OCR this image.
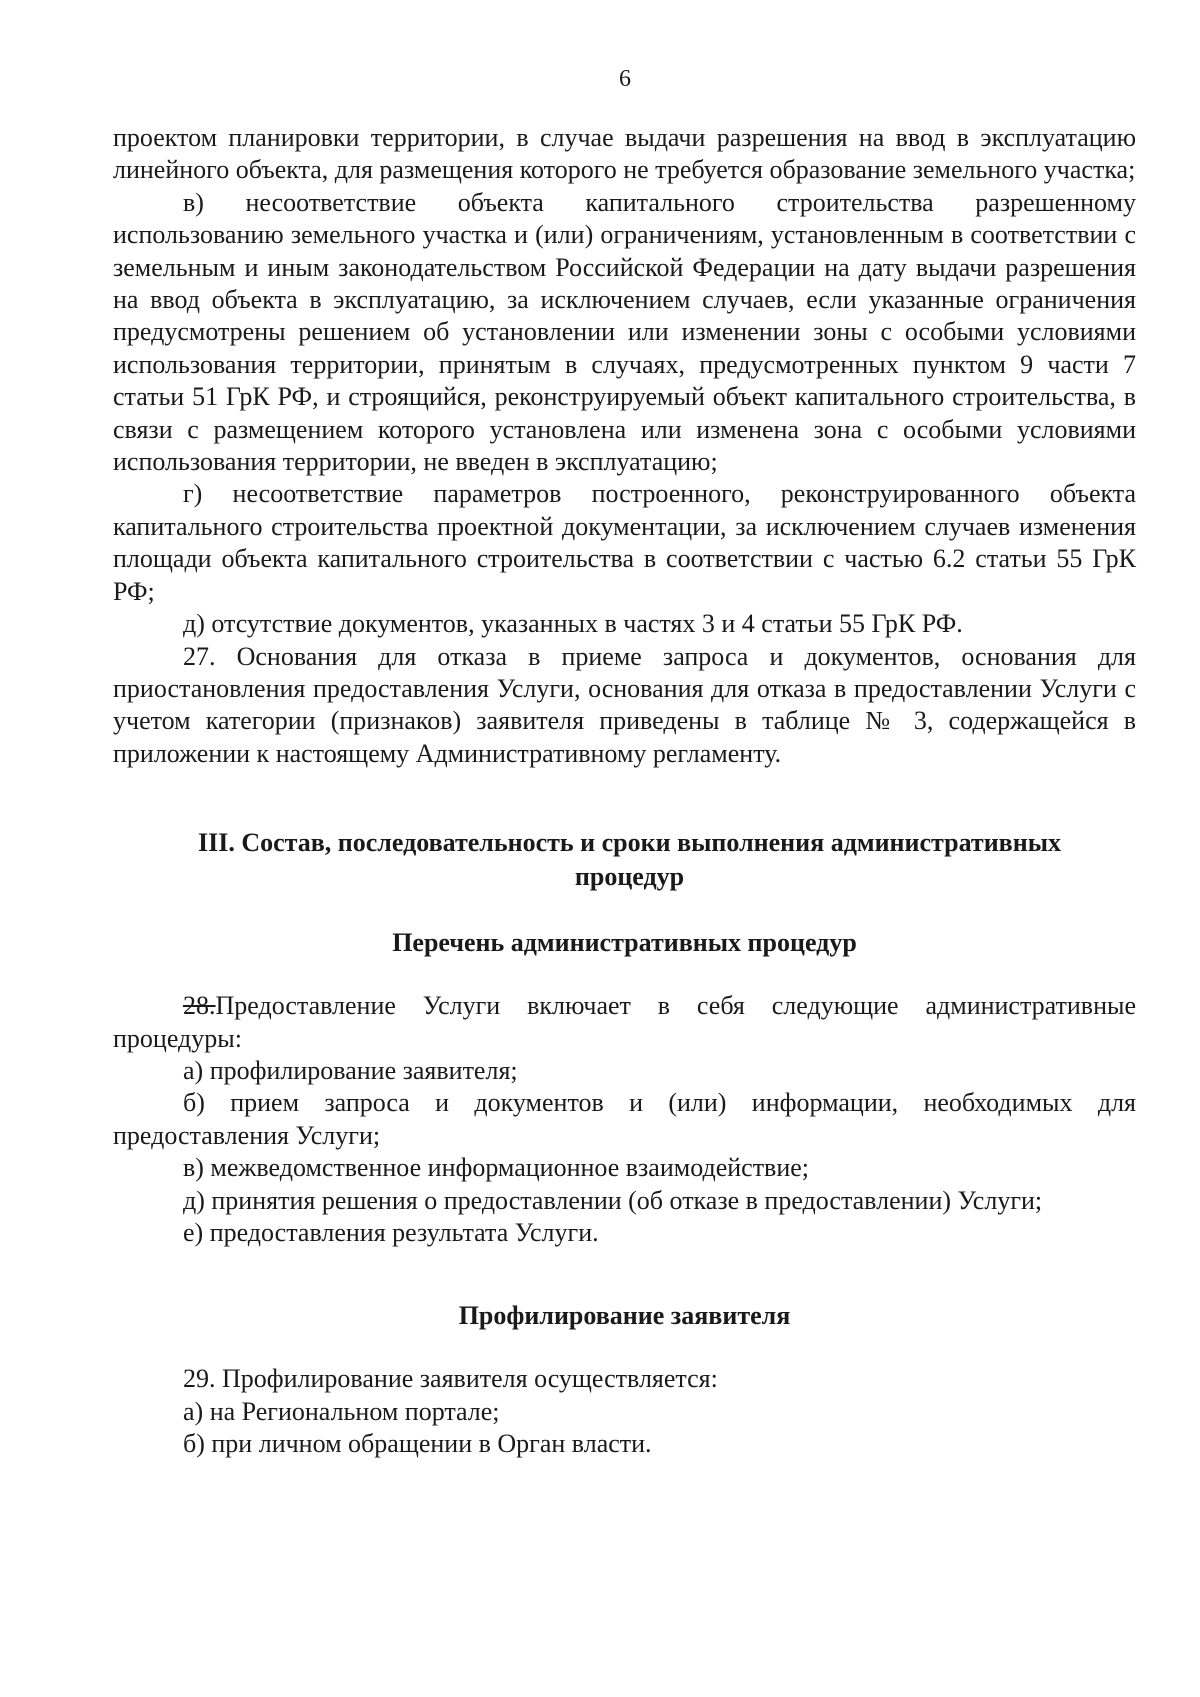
6

проектом планировки территории, в случае выдачи разрешения на ввод в эксплуатацию линейного объекта, для размещения которого не требуется образование земельного участка;

в) несоответствие объекта капитального строительства разрешенному использованию земельного участка и (или) ограничениям, установленным в соответствии с земельным и иным законодательством Российской Федерации на дату выдачи разрешения на ввод объекта в эксплуатацию, за исключением случаев, если указанные ограничения предусмотрены решением об установлении или изменении зоны с особыми условиями использования территории, принятым в случаях, предусмотренных пунктом 9 части 7 статьи 51 ГрК РФ, и строящийся, реконструируемый объект капитального строительства, в связи с размещением которого установлена или изменена зона с особыми условиями использования территории, не введен в эксплуатацию;

г) несоответствие параметров построенного, реконструированного объекта капитального строительства проектной документации, за исключением случаев изменения площади объекта капитального строительства в соответствии с частью 6.2 статьи 55 ГрК РФ;

д) отсутствие документов, указанных в частях 3 и 4 статьи 55 ГрК РФ.

27. Основания для отказа в приеме запроса и документов, основания для приостановления предоставления Услуги, основания для отказа в предоставлении Услуги с учетом категории (признаков) заявителя приведены в таблице № 3, содержащейся в приложении к настоящему Административному регламенту.

III. Состав, последовательность и сроки выполнения административных процедур
Перечень административных процедур

28.Предоставление Услуги включает в себя следующие административные процедуры:

а) профилирование заявителя;

б) прием запроса и документов и (или) информации, необходимых для предоставления Услуги;

в) межведомственное информационное взаимодействие;

д) принятия решения о предоставлении (об отказе в предоставлении) Услуги;

е) предоставления результата Услуги.

Профилирование заявителя

29. Профилирование заявителя осуществляется:

а) на Региональном портале;

б) при личном обращении в Орган власти.
